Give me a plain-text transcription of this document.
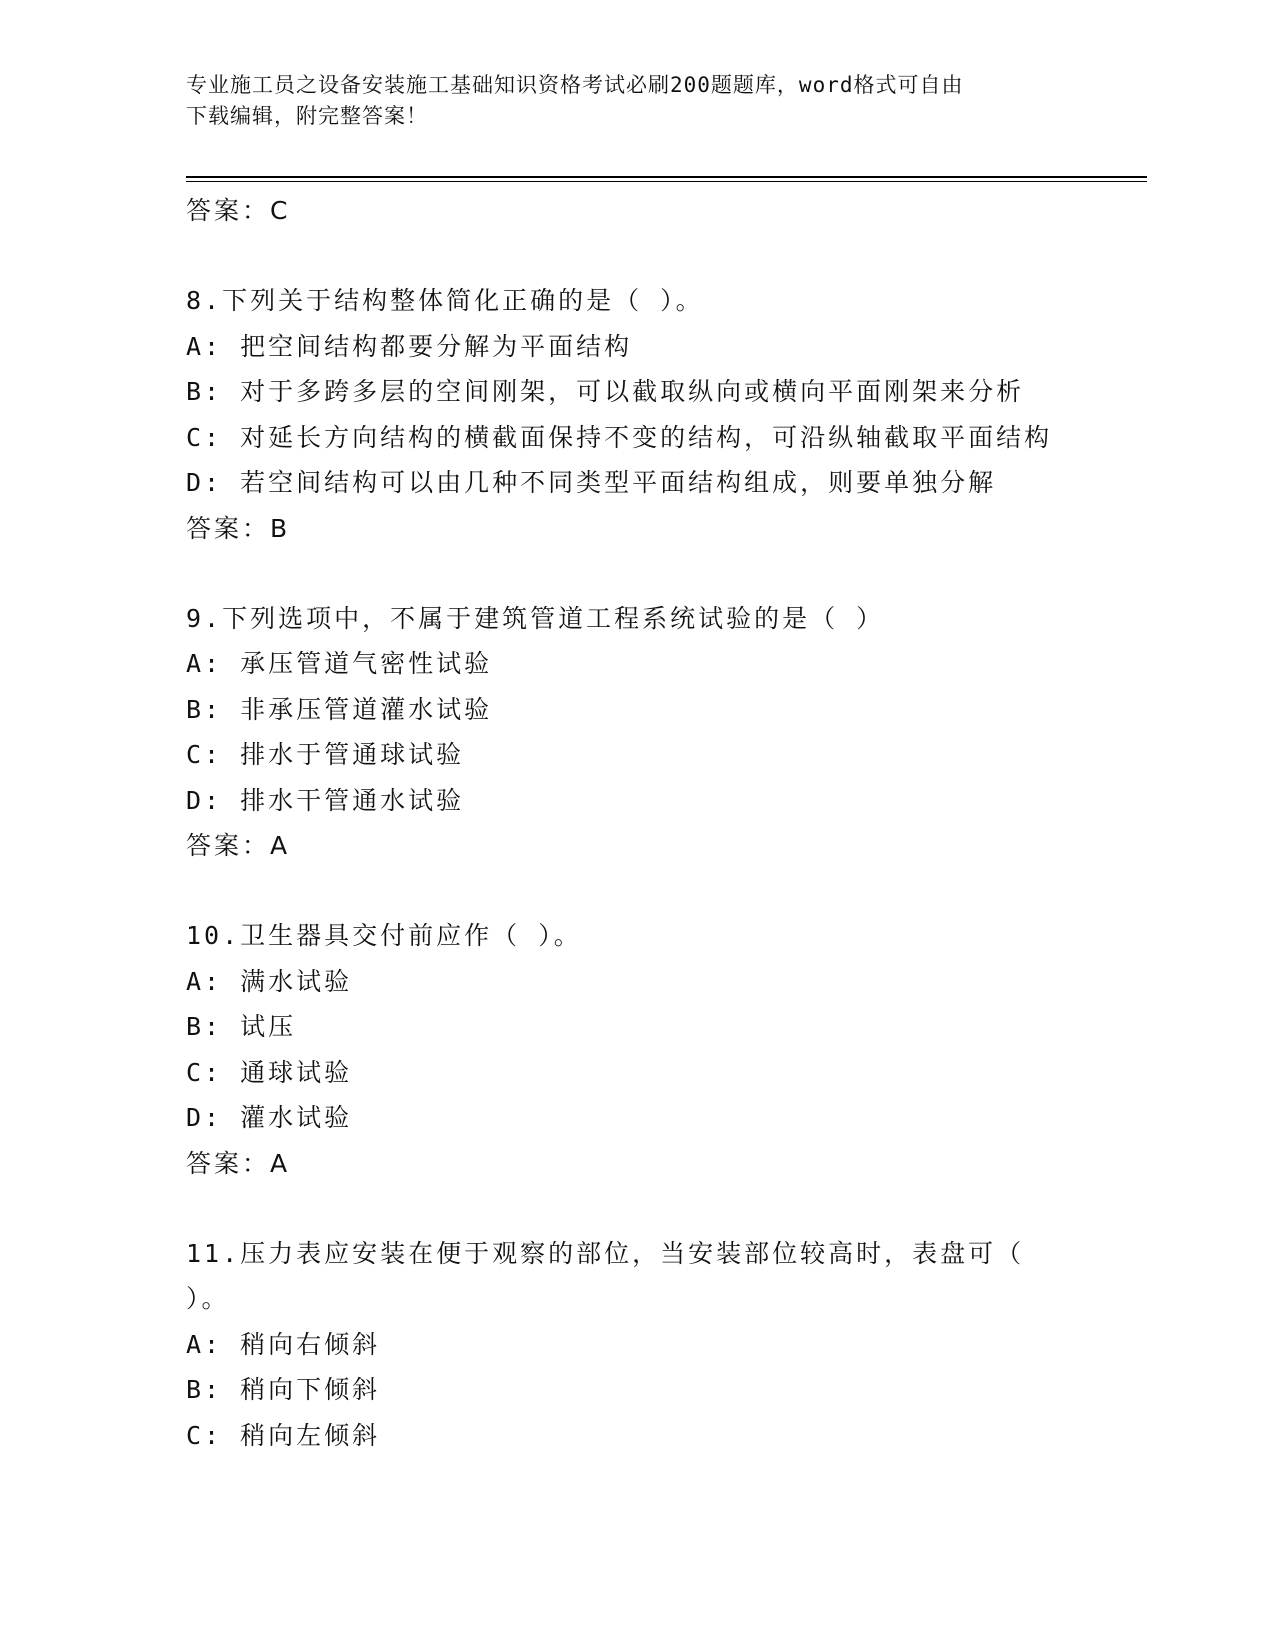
专业施工员之设备安装施工基础知识资格考试必刷200题题库，word格式可自由
下载编辑，附完整答案！
答案：C
8.下列关于结构整体简化正确的是（ ）。
A: 把空间结构都要分解为平面结构
B: 对于多跨多层的空间刚架，可以截取纵向或横向平面刚架来分析
C: 对延长方向结构的横截面保持不变的结构，可沿纵轴截取平面结构
D: 若空间结构可以由几种不同类型平面结构组成，则要单独分解
答案：B
9.下列选项中，不属于建筑管道工程系统试验的是（ ）
A: 承压管道气密性试验
B: 非承压管道灌水试验
C: 排水于管通球试验
D: 排水干管通水试验
答案：A
10.卫生器具交付前应作（ ）。
A: 满水试验
B: 试压
C: 通球试验
D: 灌水试验
答案：A
11.压力表应安装在便于观察的部位，当安装部位较高时，表盘可（
）。
A: 稍向右倾斜
B: 稍向下倾斜
C: 稍向左倾斜
